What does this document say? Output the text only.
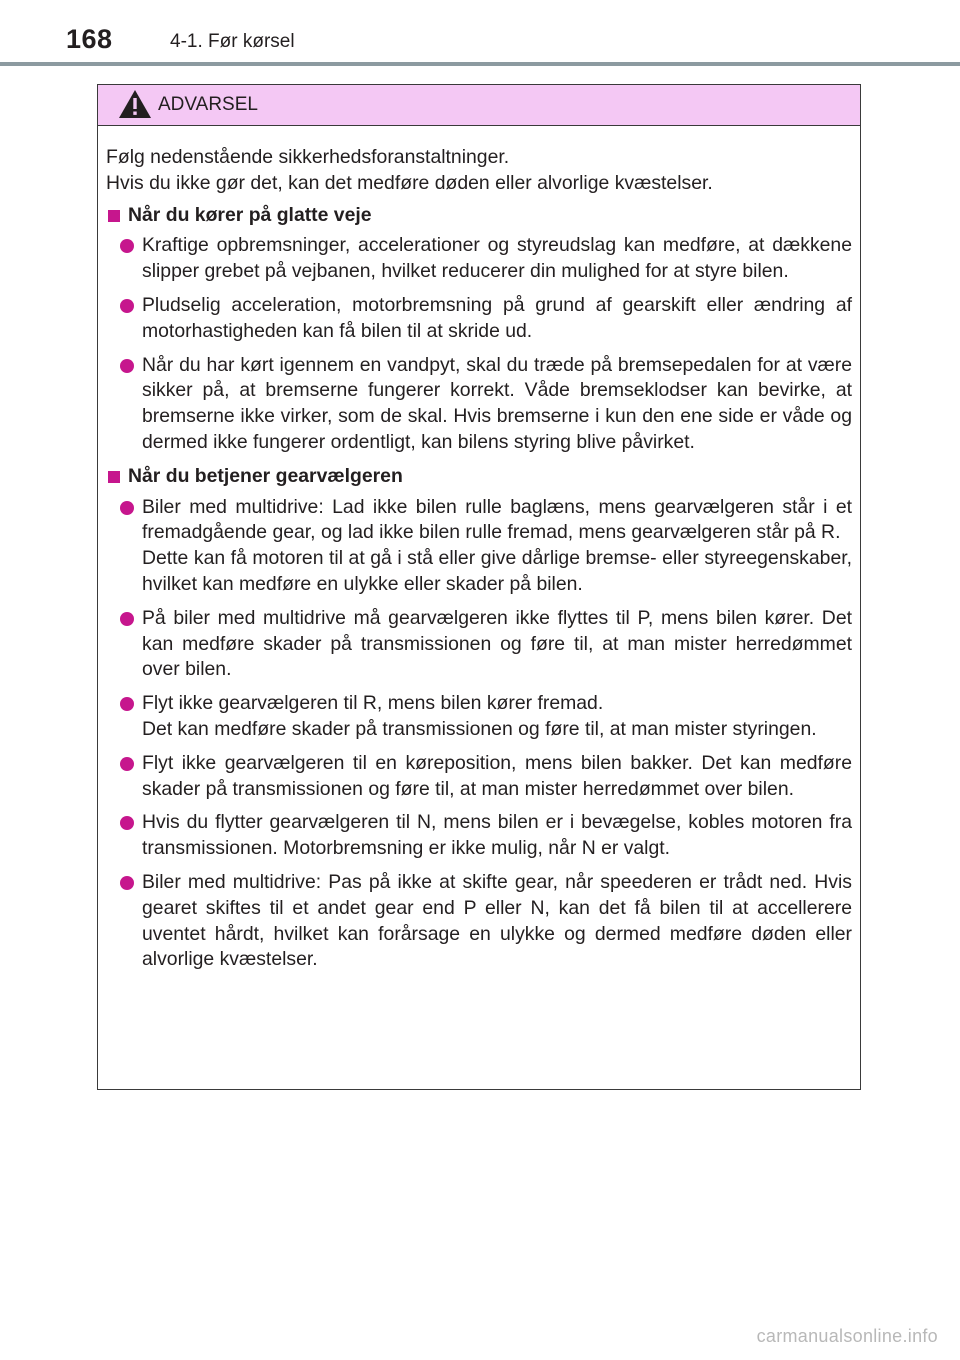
168	4-1. Før kørsel
ADVARSEL
Følg nedenstående sikkerhedsforanstaltninger.
Hvis du ikke gør det, kan det medføre døden eller alvorlige kvæstelser.
Når du kører på glatte veje
Kraftige opbremsninger, accelerationer og styreudslag kan medføre, at dækkene slipper grebet på vejbanen, hvilket reducerer din mulighed for at styre bilen.
Pludselig acceleration, motorbremsning på grund af gearskift eller ændring af motorhastigheden kan få bilen til at skride ud.
Når du har kørt igennem en vandpyt, skal du træde på bremsepedalen for at være sikker på, at bremserne fungerer korrekt. Våde bremseklodser kan bevirke, at bremserne ikke virker, som de skal. Hvis bremserne i kun den ene side er våde og dermed ikke fungerer ordentligt, kan bilens styring blive påvirket.
Når du betjener gearvælgeren
Biler med multidrive: Lad ikke bilen rulle baglæns, mens gearvælgeren står i et fremadgående gear, og lad ikke bilen rulle fremad, mens gearvælgeren står på R.
Dette kan få motoren til at gå i stå eller give dårlige bremse- eller styreegenskaber, hvilket kan medføre en ulykke eller skader på bilen.
På biler med multidrive må gearvælgeren ikke flyttes til P, mens bilen kører. Det kan medføre skader på transmissionen og føre til, at man mister herredømmet over bilen.
Flyt ikke gearvælgeren til R, mens bilen kører fremad.
Det kan medføre skader på transmissionen og føre til, at man mister styringen.
Flyt ikke gearvælgeren til en køreposition, mens bilen bakker. Det kan medføre skader på transmissionen og føre til, at man mister herredømmet over bilen.
Hvis du flytter gearvælgeren til N, mens bilen er i bevægelse, kobles motoren fra transmissionen. Motorbremsning er ikke mulig, når N er valgt.
Biler med multidrive: Pas på ikke at skifte gear, når speederen er trådt ned. Hvis gearet skiftes til et andet gear end P eller N, kan det få bilen til at accellerere uventet hårdt, hvilket kan forårsage en ulykke og dermed medføre døden eller alvorlige kvæstelser.
carmanualsonline.info
